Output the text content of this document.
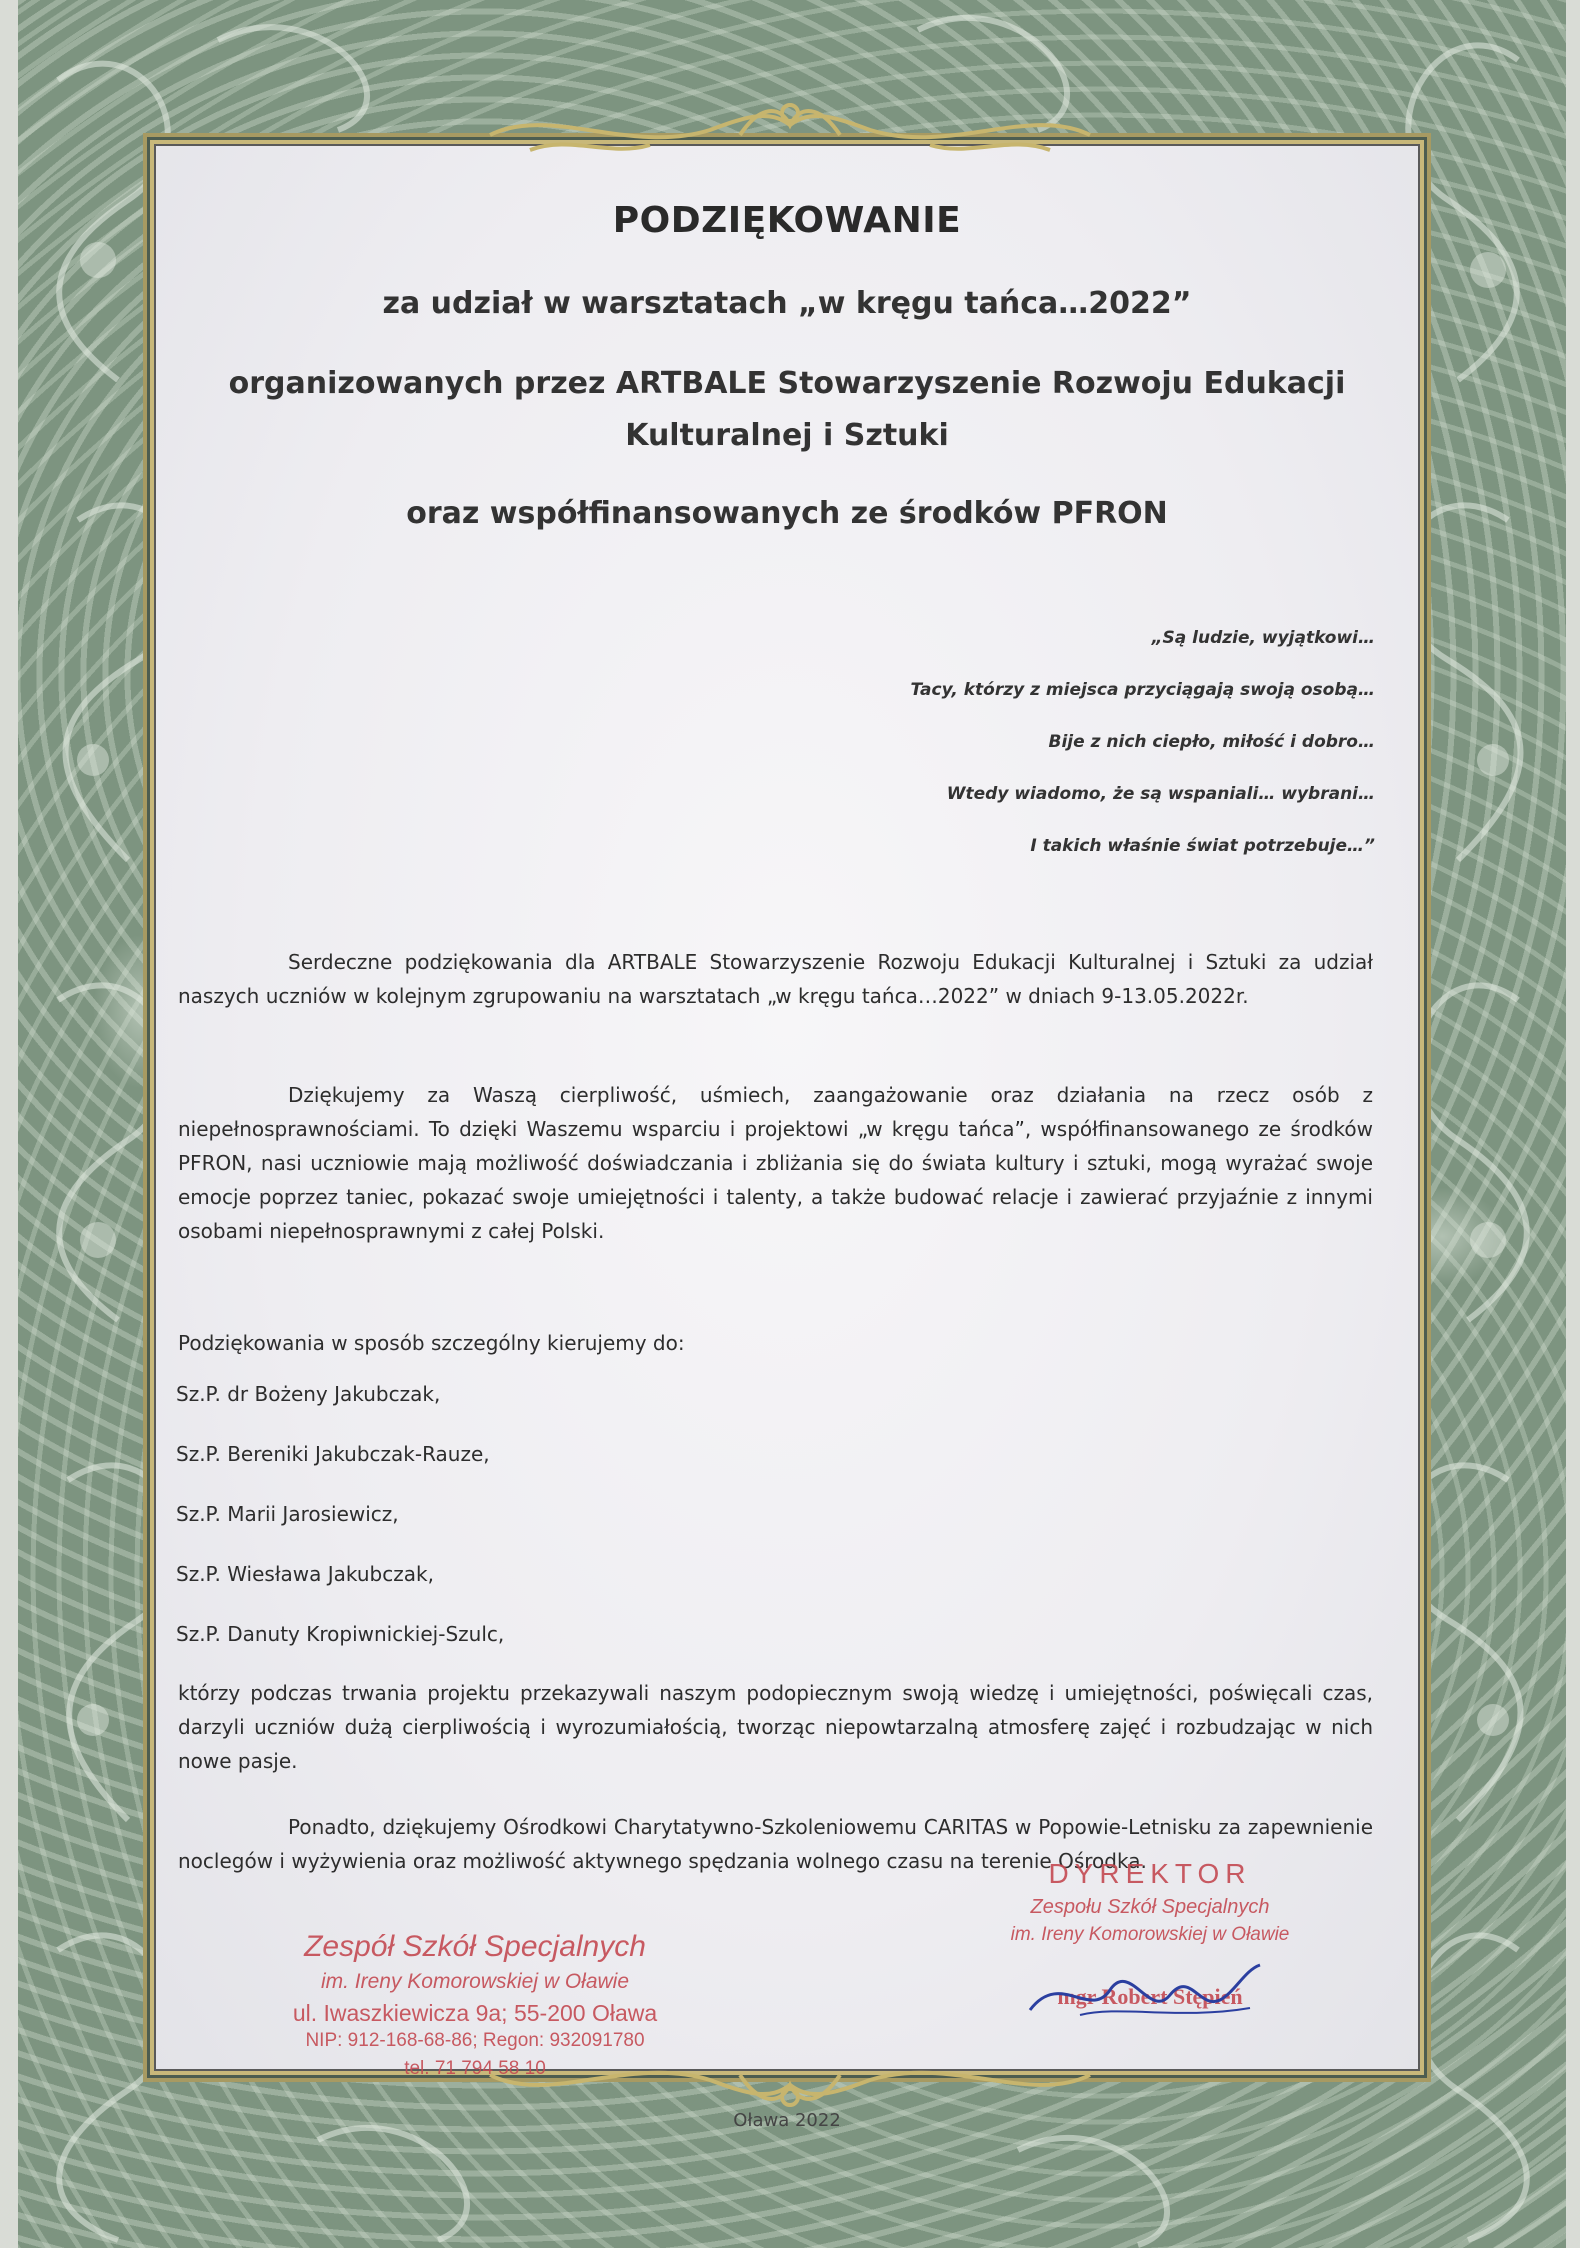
PODZIĘKOWANIE
za udział w warsztatach „w kręgu tańca…2022”
organizowanych przez ARTBALE Stowarzyszenie Rozwoju Edukacji
Kulturalnej i Sztuki
oraz współfinansowanych ze środków PFRON
„Są ludzie, wyjątkowi…
Tacy, którzy z miejsca przyciągają swoją osobą…
Bije z nich ciepło, miłość i dobro…
Wtedy wiadomo, że są wspaniali… wybrani…
I takich właśnie świat potrzebuje…”
Serdeczne podziękowania dla ARTBALE Stowarzyszenie Rozwoju Edukacji Kulturalnej i Sztuki za udział naszych uczniów w kolejnym zgrupowaniu na warsztatach „w kręgu tańca…2022” w dniach 9-13.05.2022r.
Dziękujemy za Waszą cierpliwość, uśmiech, zaangażowanie oraz działania na rzecz osób z niepełnosprawnościami. To dzięki Waszemu wsparciu i projektowi „w kręgu tańca”, współfinansowanego ze środków PFRON, nasi uczniowie mają możliwość doświadczania i zbliżania się do świata kultury i sztuki, mogą wyrażać swoje emocje poprzez taniec, pokazać swoje umiejętności i talenty, a także budować relacje i zawierać przyjaźnie z innymi osobami niepełnosprawnymi z całej Polski.
Podziękowania w sposób szczególny kierujemy do:
Sz.P. dr Bożeny Jakubczak,
Sz.P. Bereniki Jakubczak-Rauze,
Sz.P. Marii Jarosiewicz,
Sz.P. Wiesława Jakubczak,
Sz.P. Danuty Kropiwnickiej-Szulc,
którzy podczas trwania projektu przekazywali naszym podopiecznym swoją wiedzę i umiejętności, poświęcali czas, darzyli uczniów dużą cierpliwością i wyrozumiałością, tworząc niepowtarzalną atmosferę zajęć i rozbudzając w nich nowe pasje.
Ponadto, dziękujemy Ośrodkowi Charytatywno-Szkoleniowemu CARITAS w Popowie-Letnisku za zapewnienie noclegów i wyżywienia oraz możliwość aktywnego spędzania wolnego czasu na terenie Ośrodka.
Zespół Szkół Specjalnych
im. Ireny Komorowskiej w Oławie
ul. Iwaszkiewicza 9a; 55-200 Oława
NIP: 912-168-68-86; Regon: 932091780
tel. 71 794 58 10
DYREKTOR
Zespołu Szkół Specjalnych
im. Ireny Komorowskiej w Oławie
mgr Robert Stępień
Oława 2022
